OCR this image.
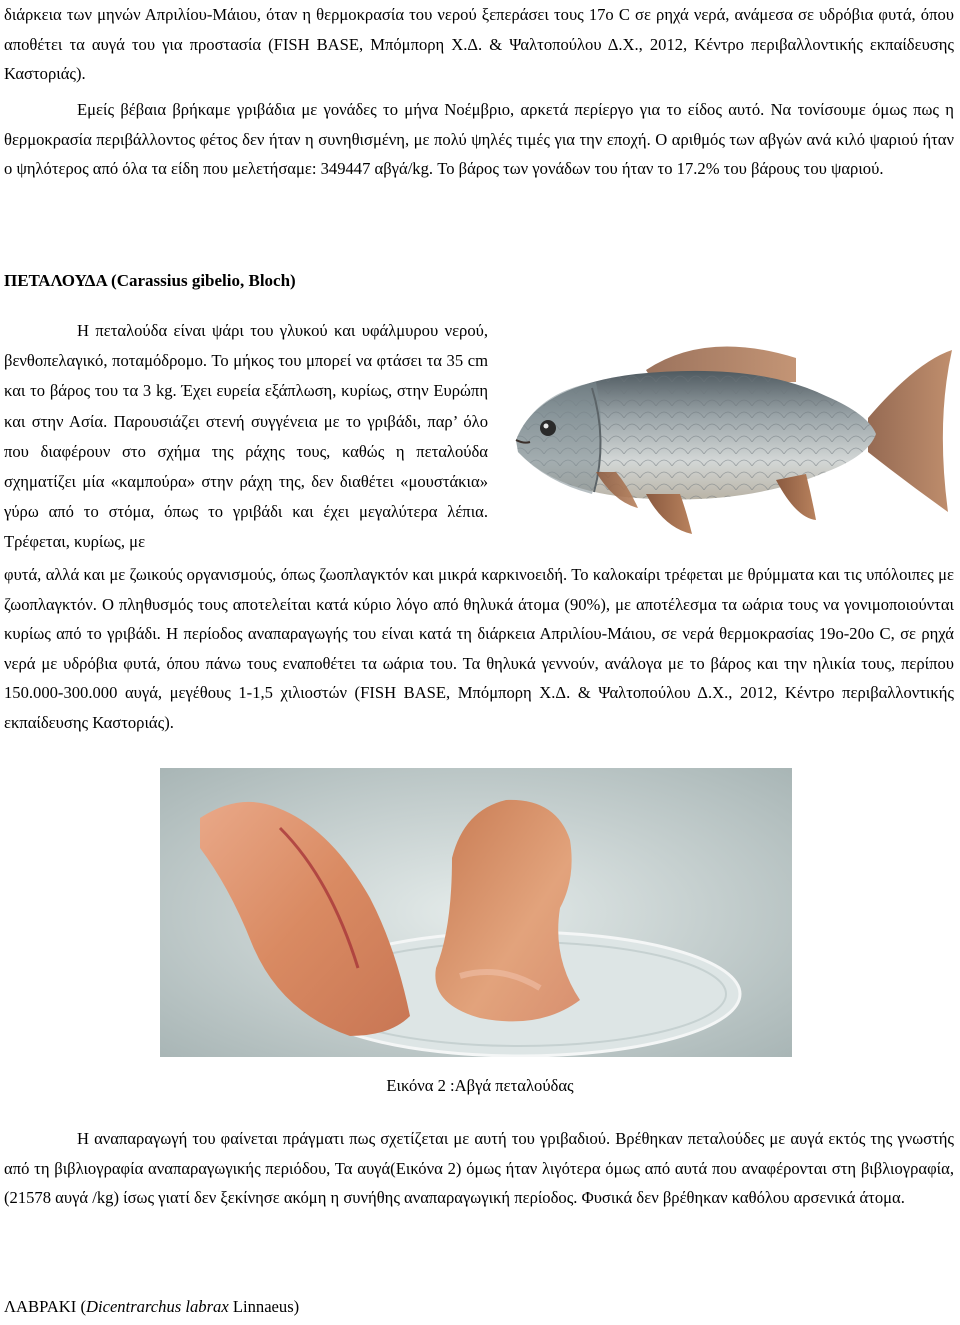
διάρκεια των μηνών Απριλίου-Μάιου, όταν η θερμοκρασία του νερού ξεπεράσει τους 17o C σε ρηχά νερά, ανάμεσα σε υδρόβια φυτά, όπου αποθέτει τα αυγά του για προστασία (FISH BASE, Μπόμπορη Χ.Δ. & Ψαλτοπούλου Δ.Χ., 2012, Κέντρο περιβαλλοντικής εκπαίδευσης Καστοριάς).

Εμείς βέβαια βρήκαμε γριβάδια με γονάδες το μήνα Νοέμβριο, αρκετά περίεργο για το είδος αυτό. Να τονίσουμε όμως πως η θερμοκρασία περιβάλλοντος φέτος δεν ήταν η συνηθισμένη, με πολύ ψηλές τιμές για την εποχή. Ο αριθμός των αβγών ανά κιλό ψαριού ήταν ο ψηλότερος από όλα τα είδη που μελετήσαμε: 349447 αβγά/kg. Το βάρος των γονάδων του ήταν το 17.2% του βάρους του ψαριού.

ΠΕΤΑΛΟΥΔΑ (Carassius gibelio, Bloch)

Η πεταλούδα είναι ψάρι του γλυκού και υφάλμυρου νερού, βενθοπελαγικό, ποταμόδρομο. Το μήκος του μπορεί να φτάσει τα 35 cm και το βάρος του τα 3 kg. Έχει ευρεία εξάπλωση, κυρίως, στην Ευρώπη και στην Ασία. Παρουσιάζει στενή συγγένεια με το γριβάδι, παρ’ όλο που διαφέρουν στο σχήμα της ράχης τους, καθώς η πεταλούδα σχηματίζει μία «καμπούρα» στην ράχη της, δεν διαθέτει «μουστάκια» γύρω από το στόμα, όπως το γριβάδι και έχει μεγαλύτερα λέπια. Τρέφεται, κυρίως, με

φυτά, αλλά και με ζωικούς οργανισμούς, όπως ζωοπλαγκτόν και μικρά καρκινοειδή. Το καλοκαίρι τρέφεται με θρύμματα και τις υπόλοιπες με ζωοπλαγκτόν. Ο πληθυσμός τους αποτελείται κατά κύριο λόγο από θηλυκά άτομα (90%), με αποτέλεσμα τα ωάρια τους να γονιμοποιούνται κυρίως από το γριβάδι. Η περίοδος αναπαραγωγής του είναι κατά τη διάρκεια Απριλίου-Μάιου, σε νερά θερμοκρασίας 19ο-20ο C, σε ρηχά νερά με υδρόβια φυτά, όπου πάνω τους εναποθέτει τα ωάρια του. Τα θηλυκά γεννούν, ανάλογα με το βάρος και την ηλικία τους, περίπου 150.000-300.000 αυγά, μεγέθους 1-1,5 χιλιοστών (FISH BASE, Μπόμπορη Χ.Δ. & Ψαλτοπούλου Δ.Χ., 2012, Κέντρο περιβαλλοντικής εκπαίδευσης Καστοριάς).

Εικόνα 2 :Αβγά πεταλούδας

Η αναπαραγωγή του φαίνεται πράγματι πως σχετίζεται με αυτή του γριβαδιού. Βρέθηκαν πεταλούδες με αυγά εκτός της γνωστής από τη βιβλιογραφία αναπαραγωγικής περιόδου, Τα αυγά(Εικόνα 2) όμως ήταν λιγότερα όμως από αυτά που αναφέρονται στη βιβλιογραφία, (21578 αυγά /kg) ίσως γιατί δεν ξεκίνησε ακόμη η συνήθης αναπαραγωγική περίοδος. Φυσικά δεν βρέθηκαν καθόλου αρσενικά άτομα.

ΛΑΒΡΑΚΙ (Dicentrarchus labrax Linnaeus)
